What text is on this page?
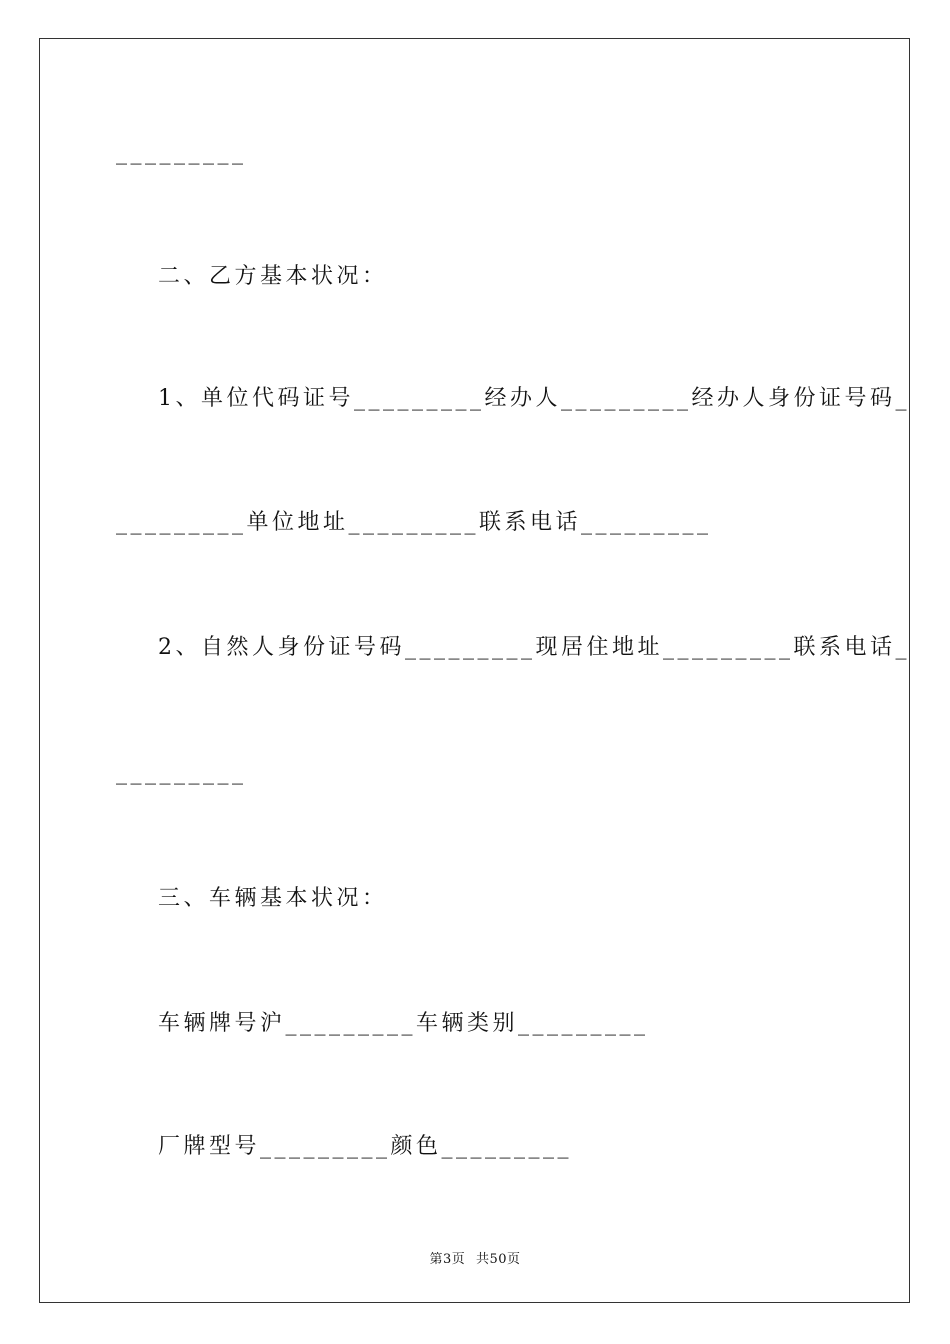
_________

二、乙方基本状况：

1、单位代码证号_________经办人_________经办人身份证号码_

_________单位地址_________联系电话_________

2、自然人身份证号码_________现居住地址_________联系电话_

_________

三、车辆基本状况：

车辆牌号沪_________车辆类别_________

厂牌型号_________颜色_________

第3页 共50页
